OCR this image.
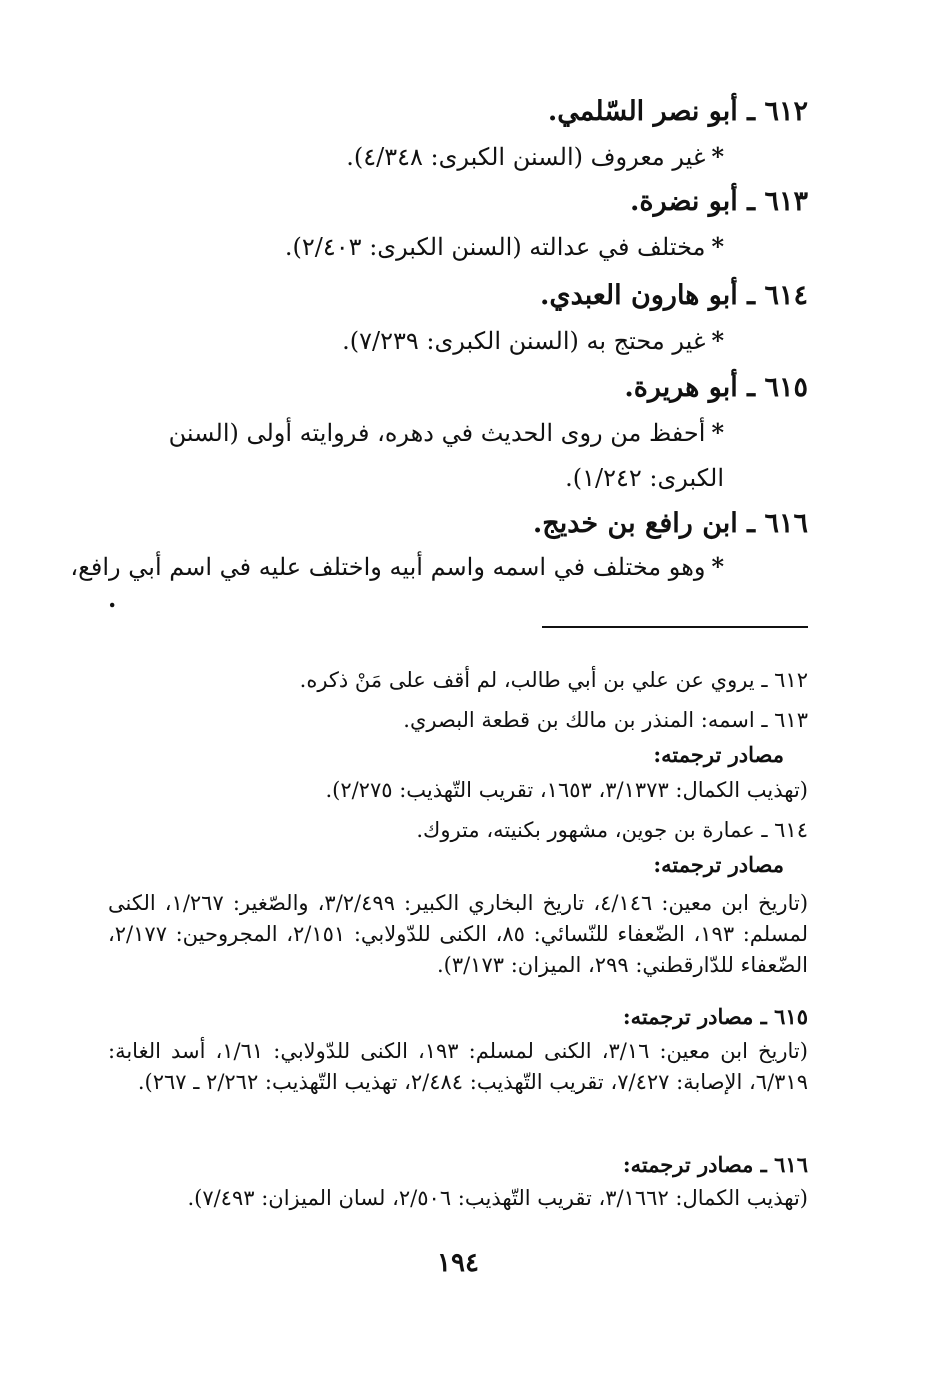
٦١٢ ـ أبو نصر السّلمي.
*غير معروف (السنن الكبرى: ٤/٣٤٨).
٦١٣ ـ أبو نضرة.
*مختلف في عدالته (السنن الكبرى: ٢/٤٠٣).
٦١٤ ـ أبو هارون العبدي.
*غير محتج به (السنن الكبرى: ٧/٢٣٩).
٦١٥ ـ أبو هريرة.
*أحفظ من روى الحديث في دهره، فروايته أولى (السنن الكبرى: ١/٢٤٢).
٦١٦ ـ ابن رافع بن خديج.
*وهو مختلف في اسمه واسم أبيه واختلف عليه في اسم أبي رافع،
.
٦١٢ ـ يروي عن علي بن أبي طالب، لم أقف على مَنْ ذكره.
٦١٣ ـ اسمه: المنذر بن مالك بن قطعة البصري.
مصادر ترجمته:
(تهذيب الكمال: ٣/١٣٧٣، ١٦٥٣، تقريب التّهذيب: ٢/٢٧٥).
٦١٤ ـ عمارة بن جوين، مشهور بكنيته، متروك.
مصادر ترجمته:
(تاريخ ابن معين: ٤/١٤٦، تاريخ البخاري الكبير: ٣/٢/٤٩٩، والصّغير: ١/٢٦٧، الكنى لمسلم: ١٩٣، الضّعفاء للنّسائي: ٨٥، الكنى للدّولابي: ٢/١٥١، المجروحين: ٢/١٧٧، الضّعفاء للدّارقطني: ٢٩٩، الميزان: ٣/١٧٣).
٦١٥ ـ مصادر ترجمته:
(تاريخ ابن معين: ٣/١٦، الكنى لمسلم: ١٩٣، الكنى للدّولابي: ١/٦١، أسد الغابة: ٦/٣١٩، الإصابة: ٧/٤٢٧، تقريب التّهذيب: ٢/٤٨٤، تهذيب التّهذيب: ٢/٢٦٢ ـ ٢٦٧).
٦١٦ ـ مصادر ترجمته:
(تهذيب الكمال: ٣/١٦٦٢، تقريب التّهذيب: ٢/٥٠٦، لسان الميزان: ٧/٤٩٣).
١٩٤
